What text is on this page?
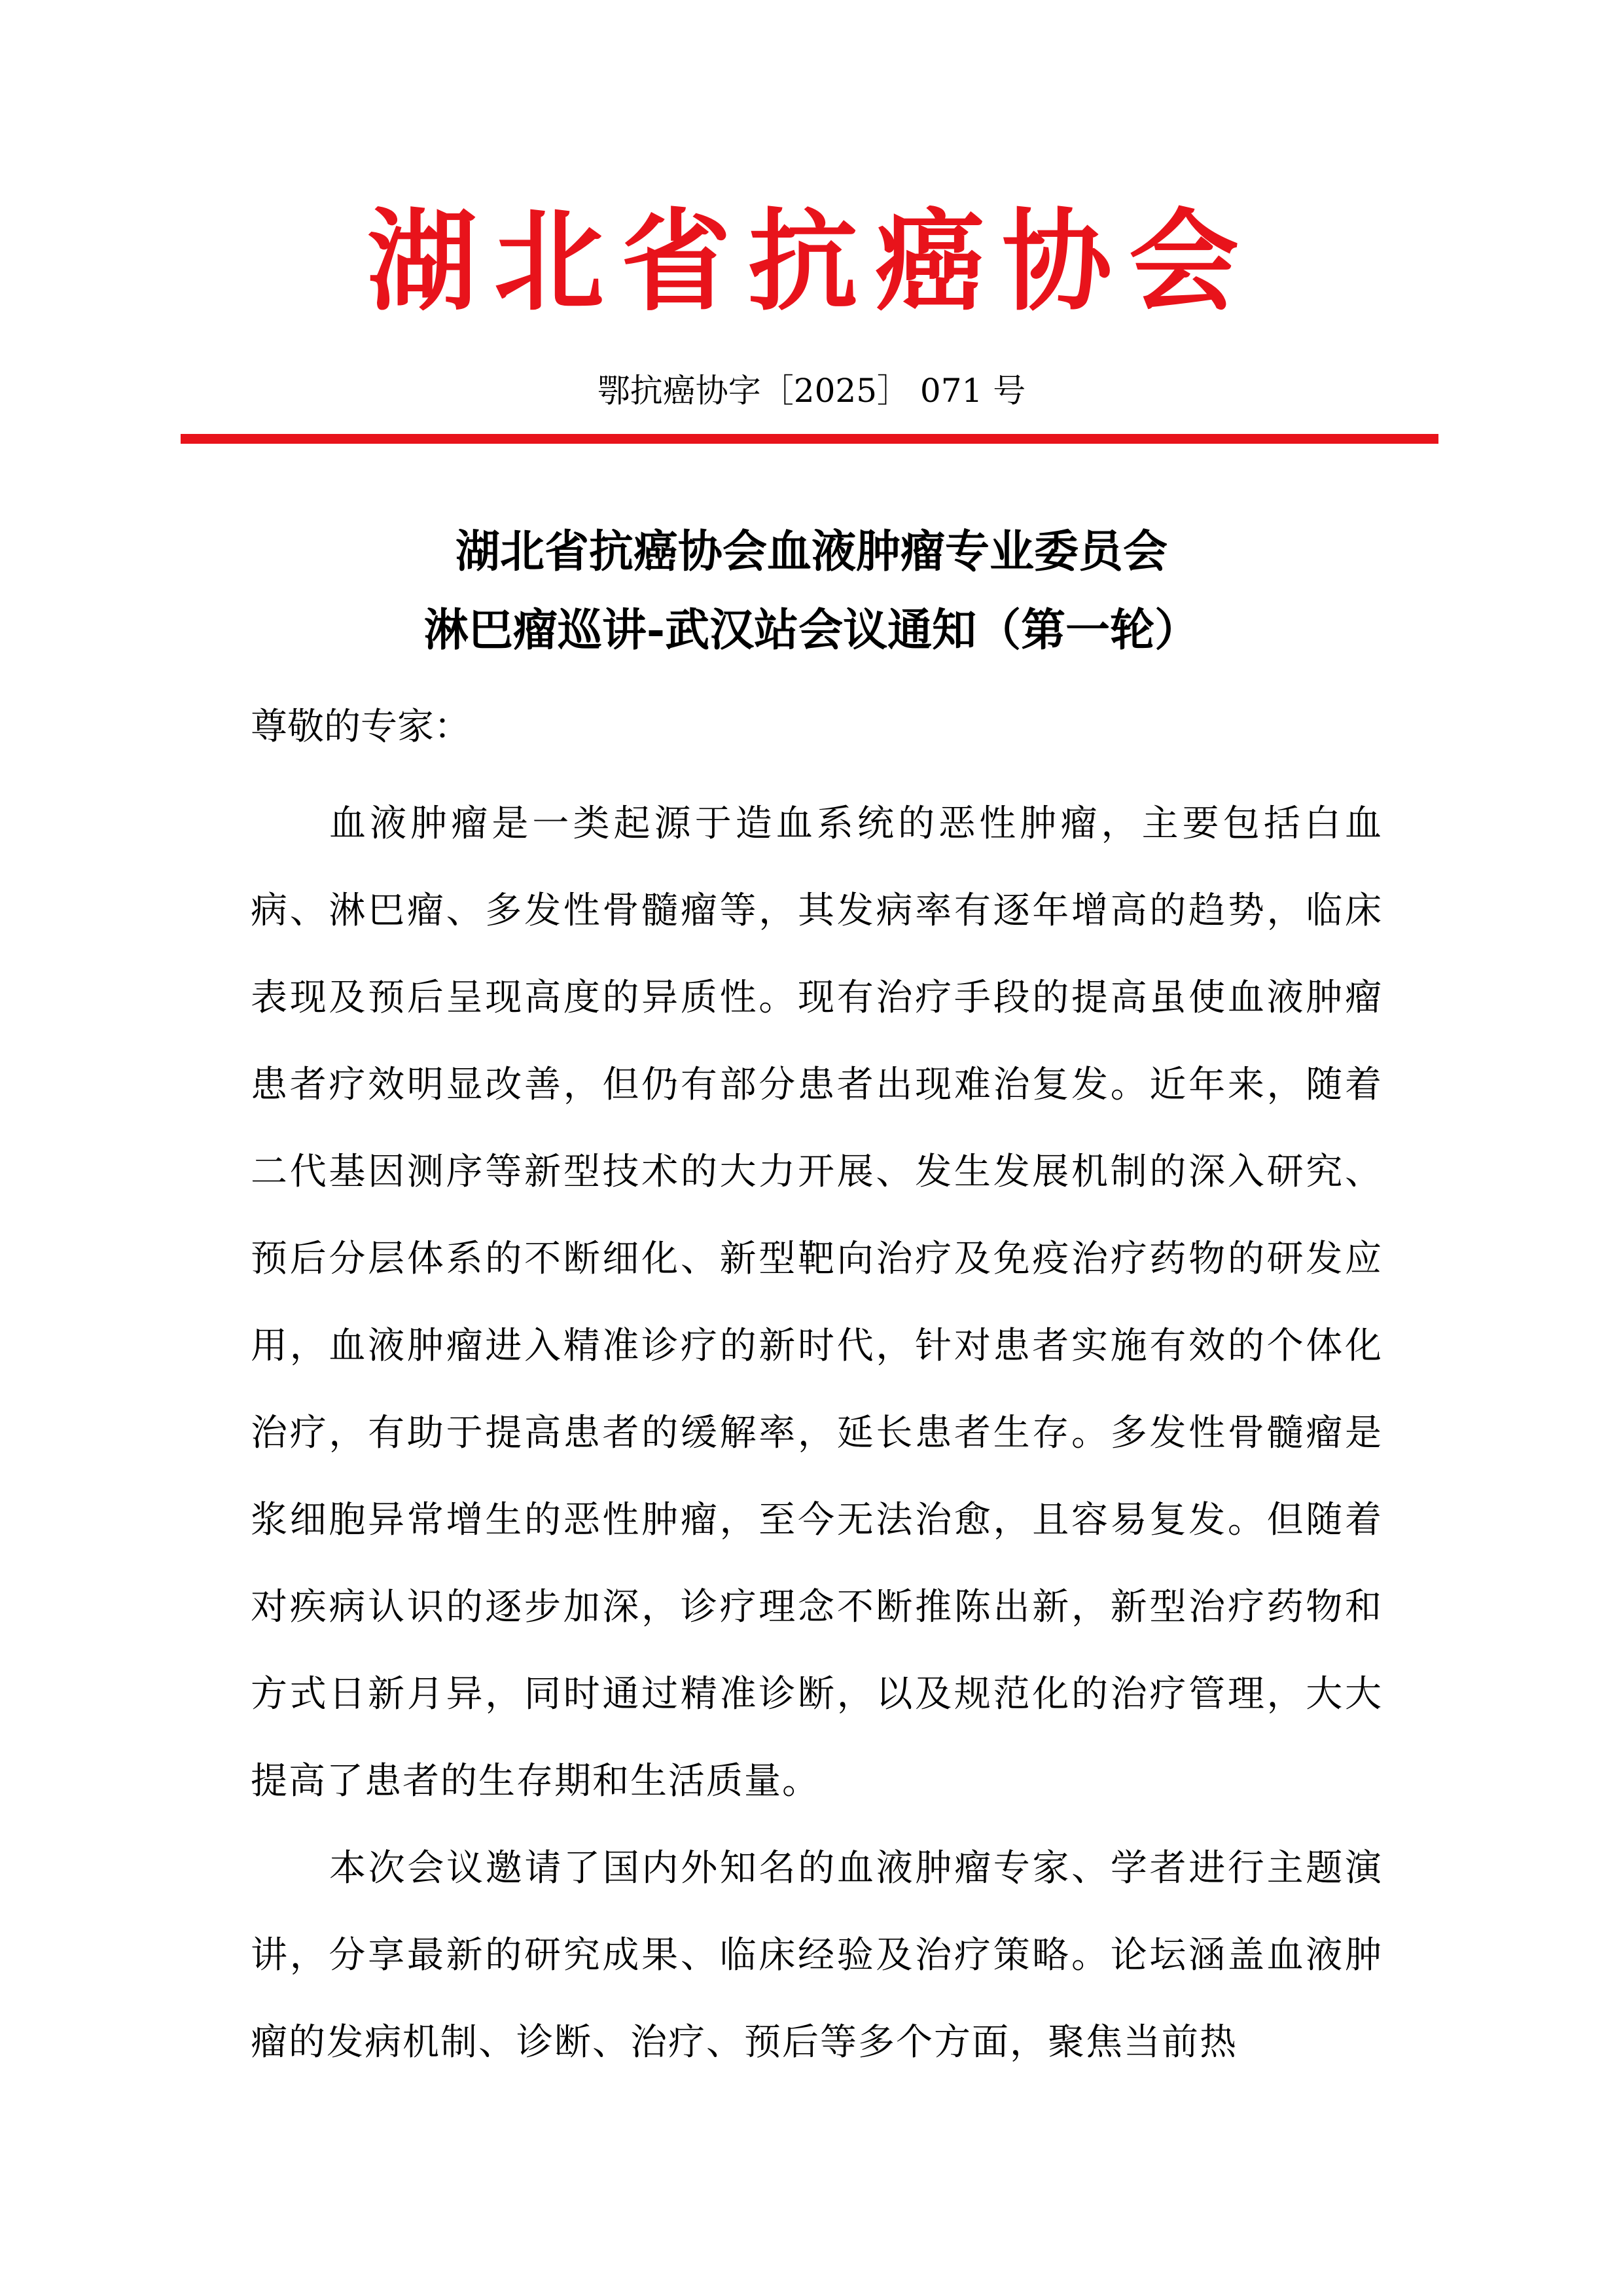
湖北省抗癌协会
鄂抗癌协字［2025］ 071 号
湖北省抗癌协会血液肿瘤专业委员会
淋巴瘤巡讲-武汉站会议通知（第一轮）
尊敬的专家：

血液肿瘤是一类起源于造血系统的恶性肿瘤，主要包括白血病、淋巴瘤、多发性骨髓瘤等，其发病率有逐年增高的趋势，临床表现及预后呈现高度的异质性。现有治疗手段的提高虽使血液肿瘤患者疗效明显改善，但仍有部分患者出现难治复发。近年来，随着二代基因测序等新型技术的大力开展、发生发展机制的深入研究、预后分层体系的不断细化、新型靶向治疗及免疫治疗药物的研发应用，血液肿瘤进入精准诊疗的新时代，针对患者实施有效的个体化治疗，有助于提高患者的缓解率，延长患者生存。多发性骨髓瘤是浆细胞异常增生的恶性肿瘤，至今无法治愈，且容易复发。但随着对疾病认识的逐步加深，诊疗理念不断推陈出新，新型治疗药物和方式日新月异，同时通过精准诊断，以及规范化的治疗管理，大大提高了患者的生存期和生活质量。

本次会议邀请了国内外知名的血液肿瘤专家、学者进行主题演讲，分享最新的研究成果、临床经验及治疗策略。论坛涵盖血液肿瘤的发病机制、诊断、治疗、预后等多个方面，聚焦当前热
